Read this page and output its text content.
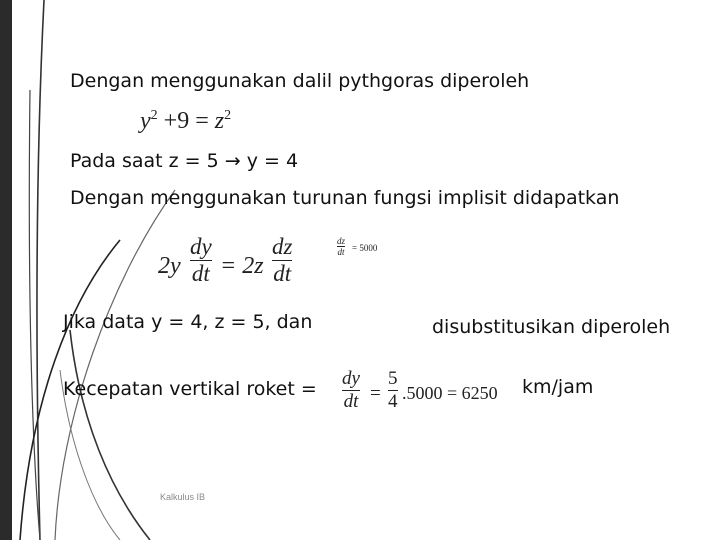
Dengan menggunakan dalil pythgoras diperoleh
$y^2 +9 = z^2$
Pada saat z = 5 → y = 4
Dengan menggunakan turunan fungsi implisit didapatkan
2y
dy
dt = 2z
dz
dt
dz
dt = 5000
Jika data y = 4, z = 5, dan	disubstitusikan diperoleh
Kecepatan vertikal roket = dy
dt =
5
4 .5000 = 6250 km/jam
Kalkulus IB
